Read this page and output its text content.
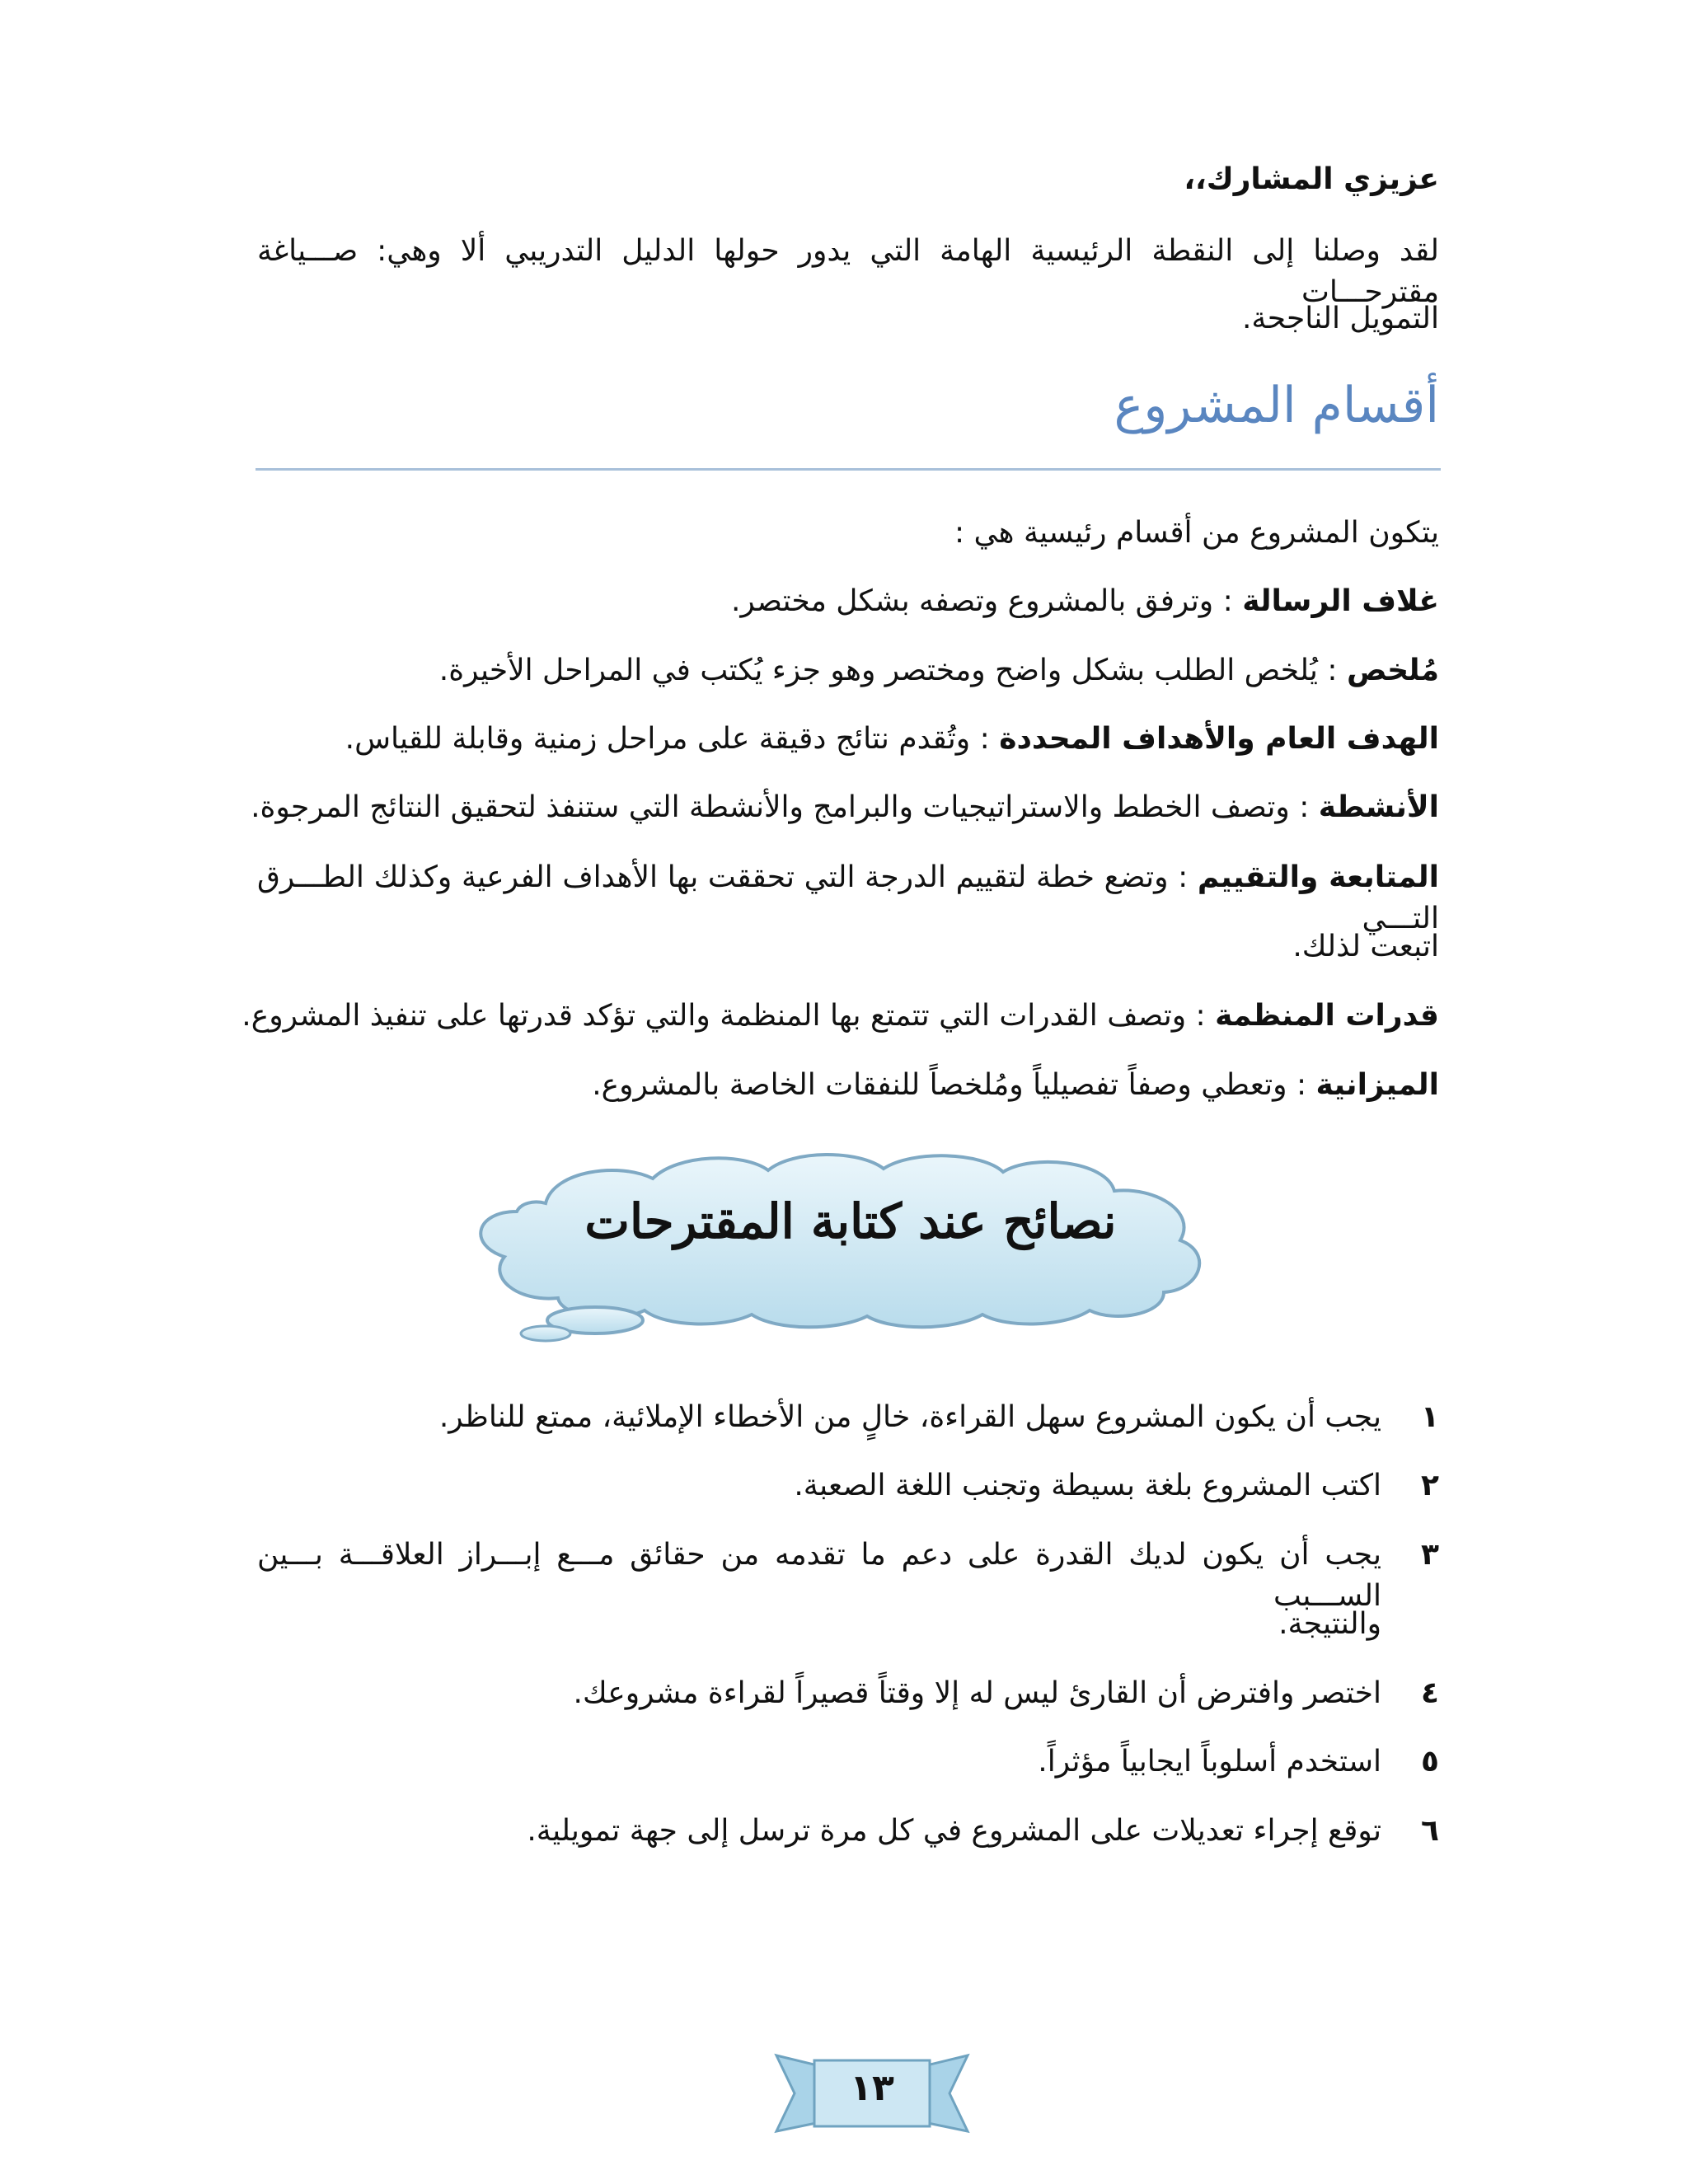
عزيزي المشارك،،
لقد وصلنا إلى النقطة الرئيسية الهامة التي يدور حولها الدليل التدريبي ألا وهي: صـــياغة مقترحـــات
التمويل الناجحة.
أقسام المشروع
يتكون المشروع من أقسام رئيسية هي :
غلاف الرسالة : وترفق بالمشروع وتصفه بشكل مختصر.
مُلخص : يُلخص الطلب بشكل واضح ومختصر وهو جزء يُكتب في المراحل الأخيرة.
الهدف العام والأهداف المحددة : وتُقدم نتائج دقيقة على مراحل زمنية وقابلة للقياس.
الأنشطة : وتصف الخطط والاستراتيجيات والبرامج والأنشطة التي ستنفذ لتحقيق النتائج المرجوة.
المتابعة والتقييم : وتضع خطة لتقييم الدرجة التي تحققت بها الأهداف الفرعية وكذلك الطـــرق التـــي
اتبعت لذلك.
قدرات المنظمة : وتصف القدرات التي تتمتع بها المنظمة والتي تؤكد قدرتها على تنفيذ المشروع.
الميزانية : وتعطي وصفاً تفصيلياً ومُلخصاً للنفقات الخاصة بالمشروع.
نصائح عند كتابة المقترحات
١
يجب أن يكون المشروع سهل القراءة، خالٍ من الأخطاء الإملائية، ممتع للناظر.
٢
اكتب المشروع بلغة بسيطة وتجنب اللغة الصعبة.
٣
يجب أن يكون لديك القدرة على دعم ما تقدمه من حقائق مـــع إبـــراز العلاقـــة بـــين الســـبب
والنتيجة.
٤
اختصر وافترض أن القارئ ليس له إلا وقتاً قصيراً لقراءة مشروعك.
٥
استخدم أسلوباً ايجابياً مؤثراً.
٦
توقع إجراء تعديلات على المشروع في كل مرة ترسل إلى جهة تمويلية.
١٣
